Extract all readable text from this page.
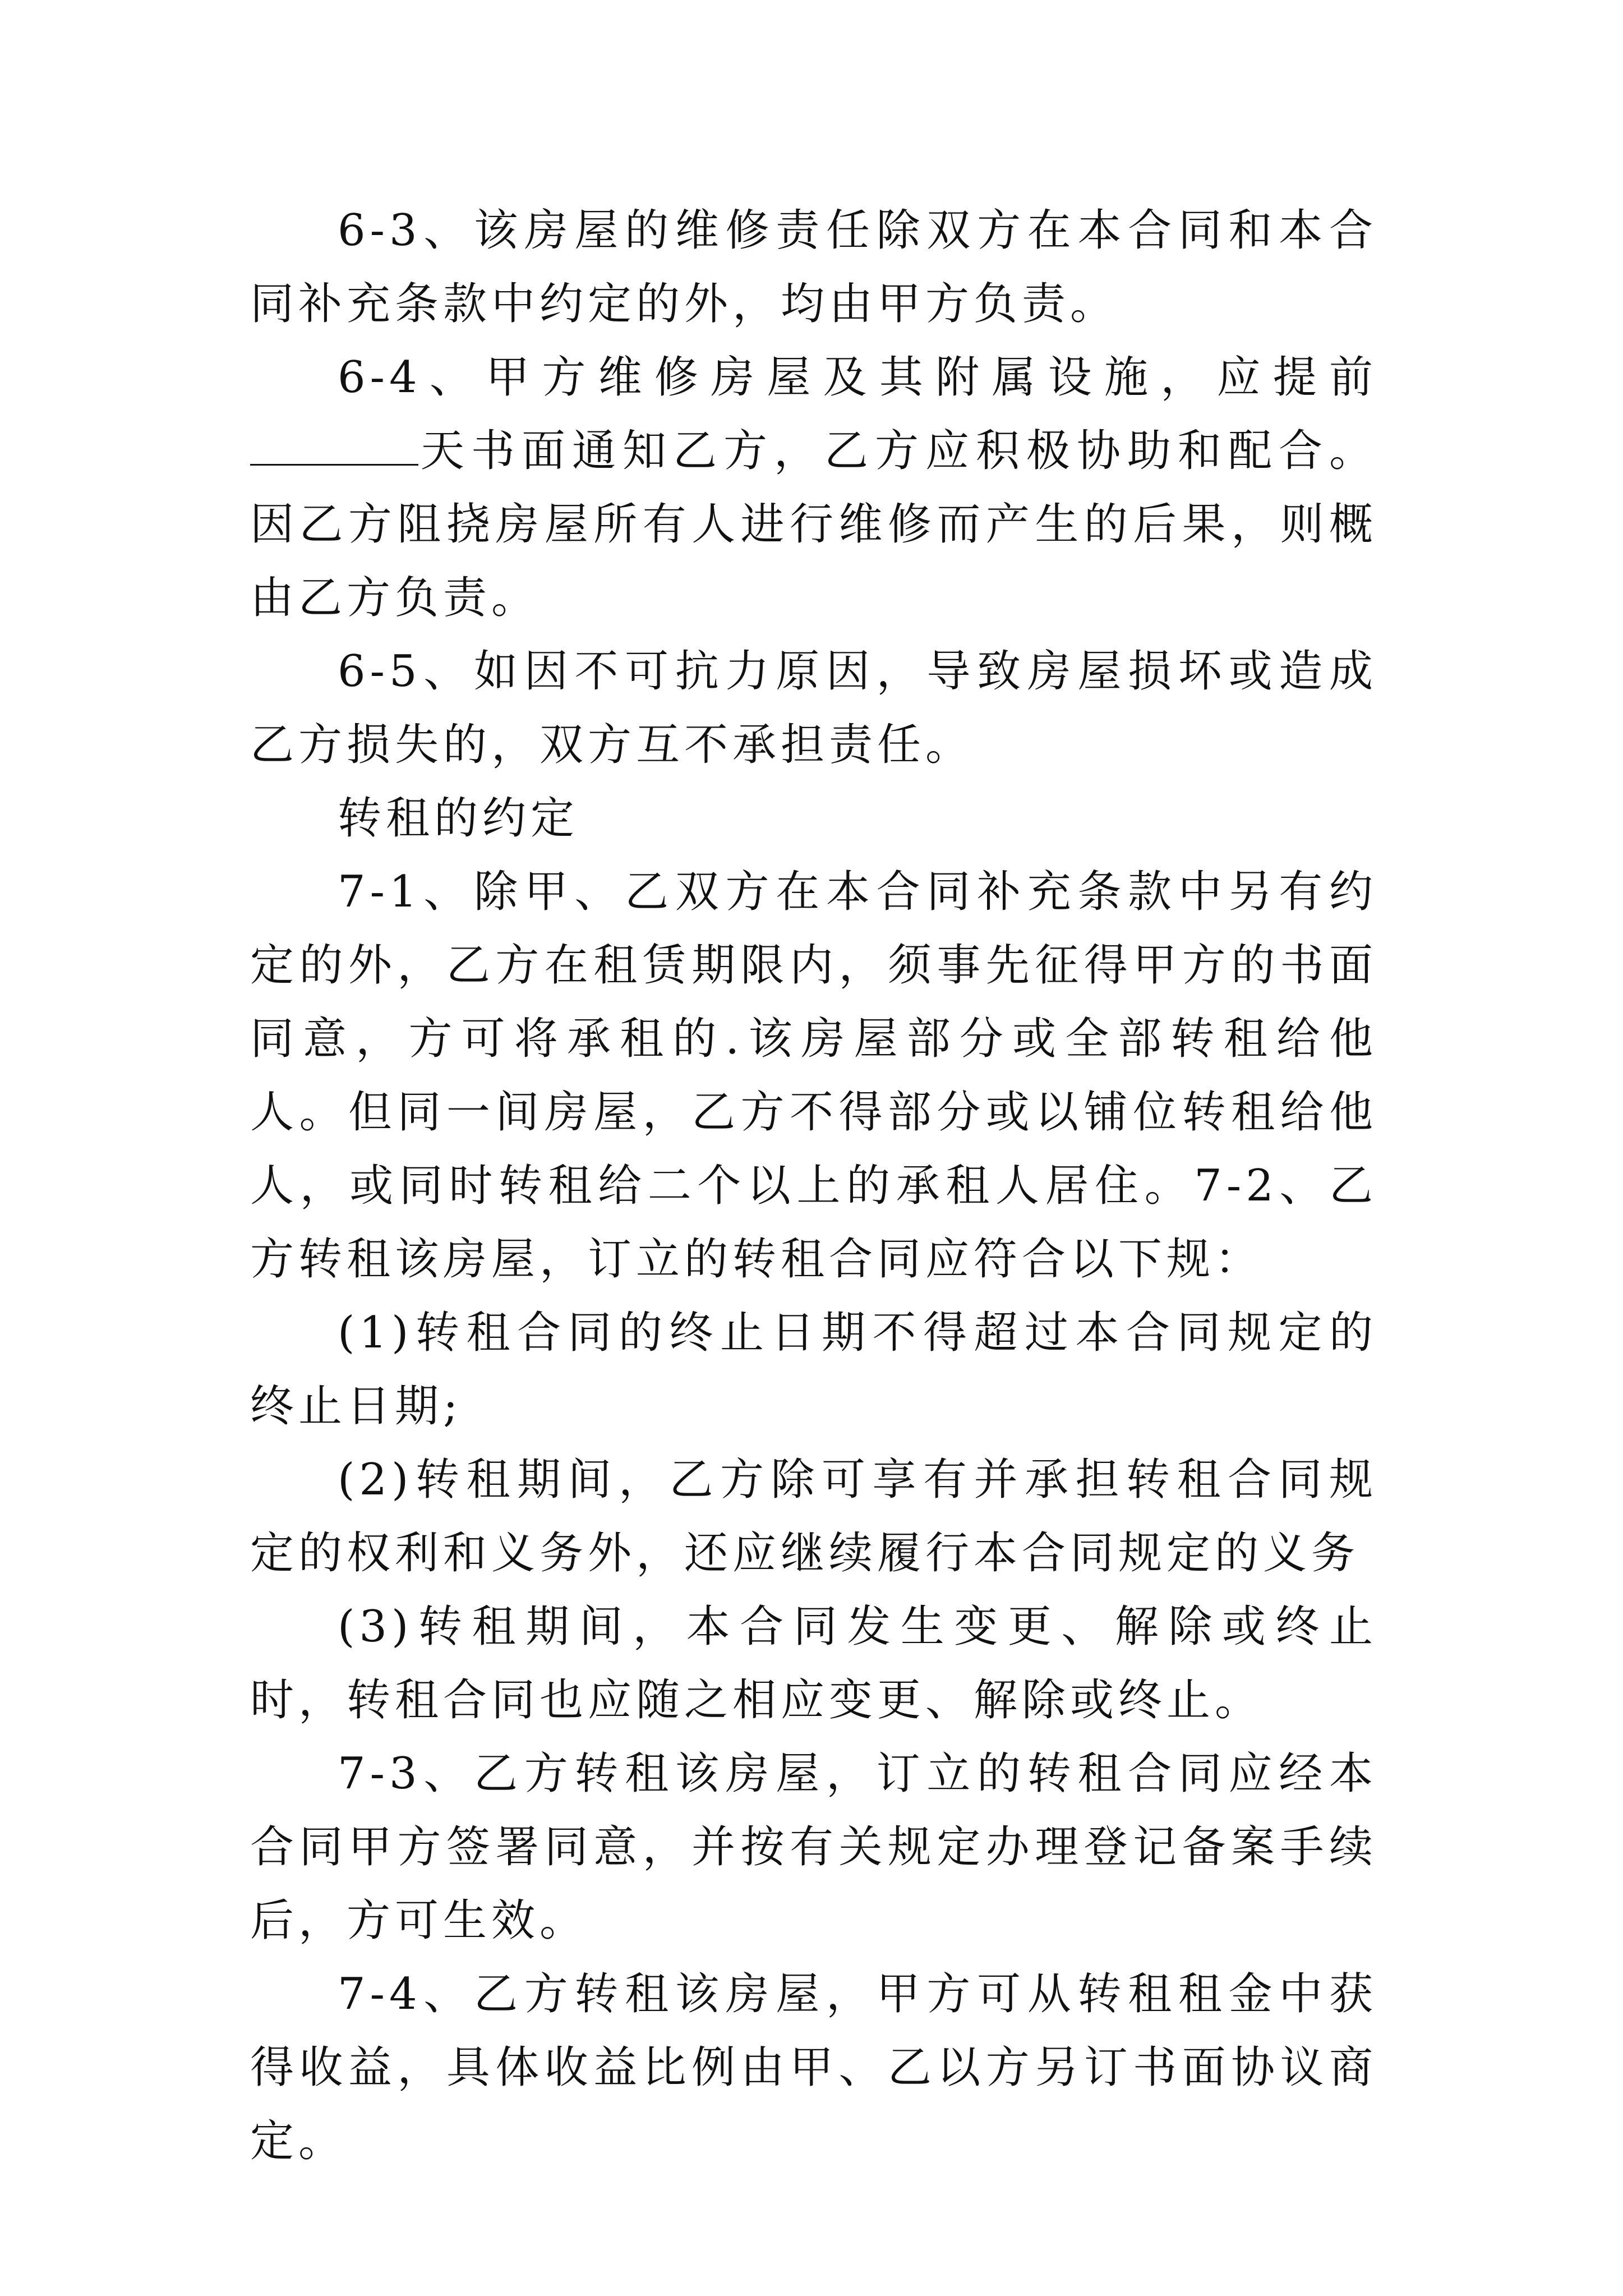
6-3、该房屋的维修责任除双方在本合同和本合同补充条款中约定的外，均由甲方负责。

6-4、甲方维修房屋及其附属设施，应提前天书面通知乙方，乙方应积极协助和配合。因乙方阻挠房屋所有人进行维修而产生的后果，则概由乙方负责。

6-5、如因不可抗力原因，导致房屋损坏或造成乙方损失的，双方互不承担责任。

转租的约定

7-1、除甲、乙双方在本合同补充条款中另有约定的外，乙方在租赁期限内，须事先征得甲方的书面同意，方可将承租的.该房屋部分或全部转租给他人。但同一间房屋，乙方不得部分或以铺位转租给他人，或同时转租给二个以上的承租人居住。7-2、乙方转租该房屋，订立的转租合同应符合以下规：

(1)转租合同的终止日期不得超过本合同规定的终止日期;

(2)转租期间，乙方除可享有并承担转租合同规定的权利和义务外，还应继续履行本合同规定的义务

(3)转租期间，本合同发生变更、解除或终止时，转租合同也应随之相应变更、解除或终止。

7-3、乙方转租该房屋，订立的转租合同应经本合同甲方签署同意，并按有关规定办理登记备案手续后，方可生效。

7-4、乙方转租该房屋，甲方可从转租租金中获得收益，具体收益比例由甲、乙以方另订书面协议商定。
